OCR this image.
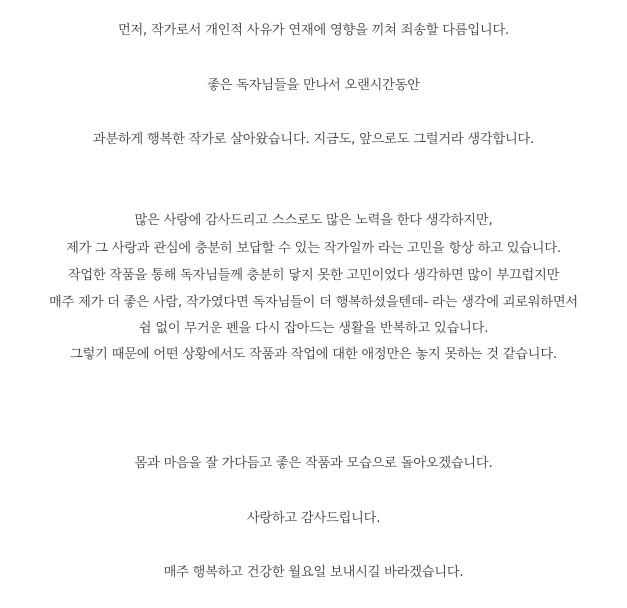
먼저, 작가로서 개인적 사유가 연재에 영향을 끼쳐 죄송할 다름입니다.
좋은 독자님들을 만나서 오랜시간동안
과분하게 행복한 작가로 살아왔습니다. 지금도, 앞으로도 그럴거라 생각합니다.
많은 사랑에 감사드리고 스스로도 많은 노력을 한다 생각하지만,
제가 그 사랑과 관심에 충분히 보답할 수 있는 작가일까 라는 고민을 항상 하고 있습니다.
작업한 작품을 통해 독자님들께 충분히 닿지 못한 고민이었다 생각하면 많이 부끄럽지만
매주 제가 더 좋은 사람, 작가였다면 독자님들이 더 행복하셨을텐데- 라는 생각에 괴로워하면서
쉼 없이 무거운 펜을 다시 잡아드는 생활을 반복하고 있습니다.
그렇기 때문에 어떤 상황에서도 작품과 작업에 대한 애정만은 놓지 못하는 것 같습니다.
몸과 마음을 잘 가다듬고 좋은 작품과 모습으로 돌아오겠습니다.
사랑하고 감사드립니다.
매주 행복하고 건강한 월요일 보내시길 바라겠습니다.
